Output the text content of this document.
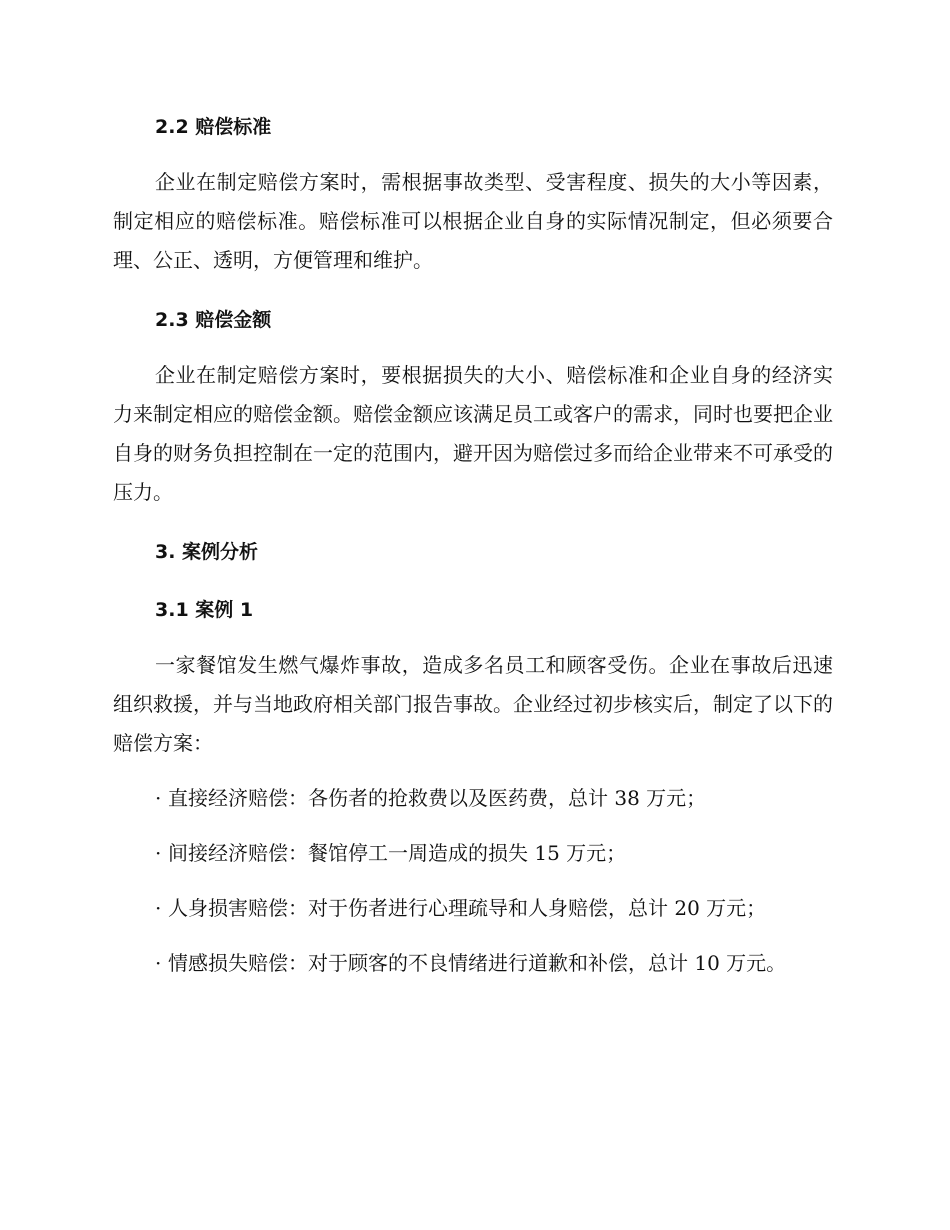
2.2 赔偿标准

企业在制定赔偿方案时，需根据事故类型、受害程度、损失的大小等因素，制定相应的赔偿标准。赔偿标准可以根据企业自身的实际情况制定，但必须要合理、公正、透明，方便管理和维护。

2.3 赔偿金额

企业在制定赔偿方案时，要根据损失的大小、赔偿标准和企业自身的经济实力来制定相应的赔偿金额。赔偿金额应该满足员工或客户的需求，同时也要把企业自身的财务负担控制在一定的范围内，避开因为赔偿过多而给企业带来不可承受的压力。

3. 案例分析
3.1 案例 1

一家餐馆发生燃气爆炸事故，造成多名员工和顾客受伤。企业在事故后迅速组织救援，并与当地政府相关部门报告事故。企业经过初步核实后，制定了以下的赔偿方案：

· 直接经济赔偿：各伤者的抢救费以及医药费，总计 38 万元；
· 间接经济赔偿：餐馆停工一周造成的损失 15 万元；
· 人身损害赔偿：对于伤者进行心理疏导和人身赔偿，总计 20 万元；
· 情感损失赔偿：对于顾客的不良情绪进行道歉和补偿，总计 10 万元。
